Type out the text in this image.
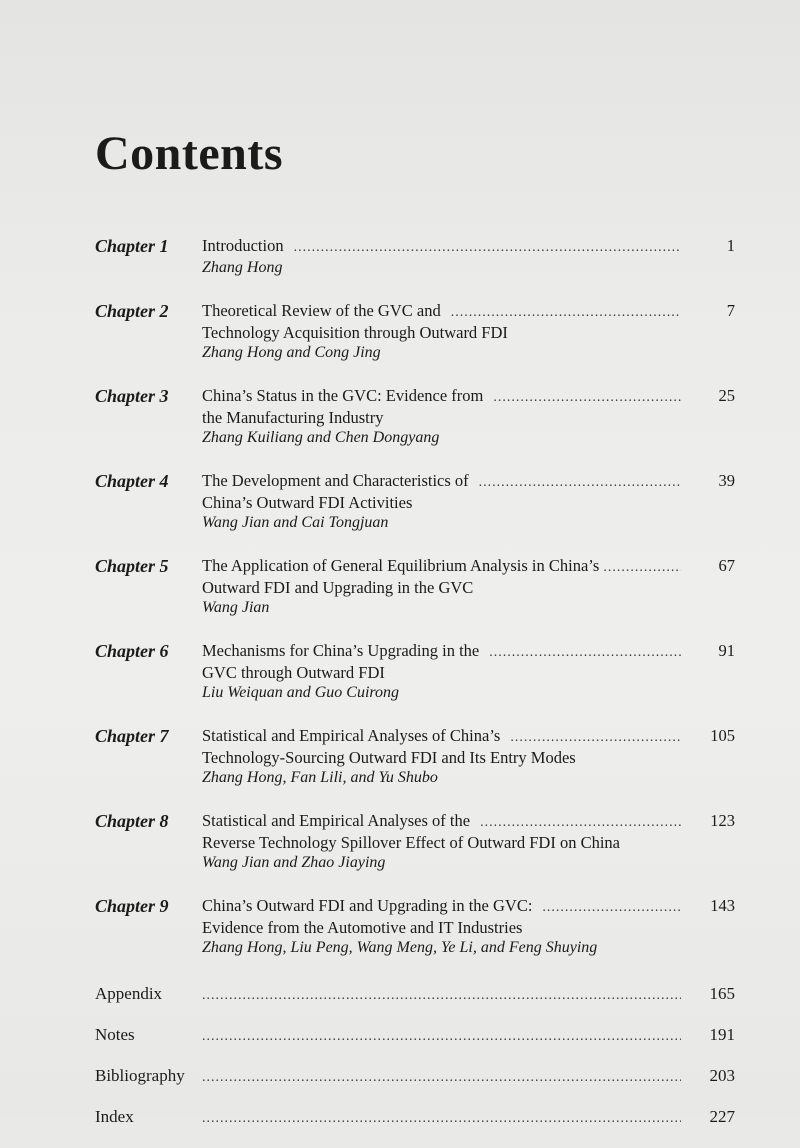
Contents
Chapter 1 Introduction .....	1
Zhang Hong
Chapter 2 Theoretical Review of the GVC and .....	7
Technology Acquisition through Outward FDI
Zhang Hong and Cong Jing
Chapter 3 China’s Status in the GVC: Evidence from .....	25
the Manufacturing Industry
Zhang Kuiliang and Chen Dongyang
Chapter 4 The Development and Characteristics of .....	39
China’s Outward FDI Activities
Wang Jian and Cai Tongjuan
Chapter 5 The Application of General Equilibrium Analysis in China’s .....	67
Outward FDI and Upgrading in the GVC
Wang Jian
Chapter 6 Mechanisms for China’s Upgrading in the .....	91
GVC through Outward FDI
Liu Weiquan and Guo Cuirong
Chapter 7 Statistical and Empirical Analyses of China’s .....	105
Technology-Sourcing Outward FDI and Its Entry Modes
Zhang Hong, Fan Lili, and Yu Shubo
Chapter 8 Statistical and Empirical Analyses of the .....	123
Reverse Technology Spillover Effect of Outward FDI on China
Wang Jian and Zhao Jiaying
Chapter 9 China’s Outward FDI and Upgrading in the GVC: .....	143
Evidence from the Automotive and IT Industries
Zhang Hong, Liu Peng, Wang Meng, Ye Li, and Feng Shuying
Appendix .....	165
Notes .....	191
Bibliography .....	203
Index .....	227
